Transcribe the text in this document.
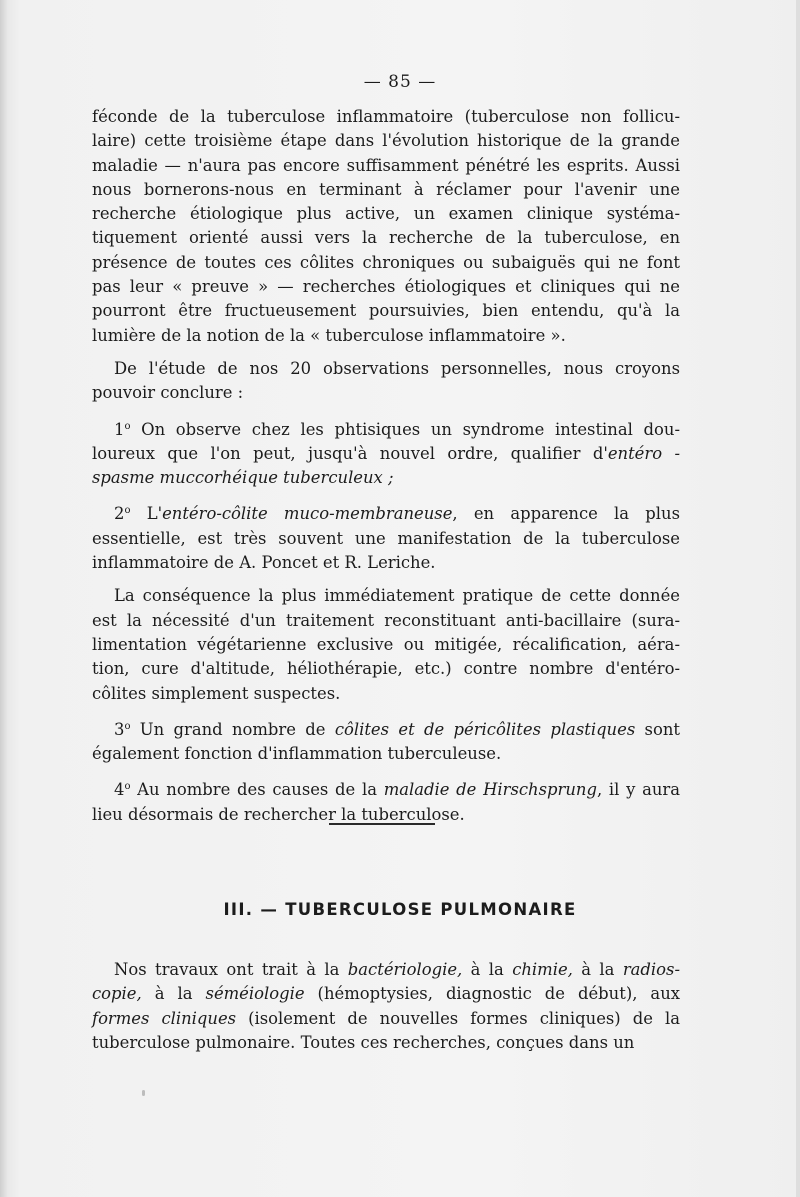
— 85 —

féconde de la tuberculose inflammatoire (tuberculose non follicu- laire) cette troisième étape dans l'évolution historique de la grande maladie — n'aura pas encore suffisamment pénétré les esprits. Aussi nous bornerons-nous en terminant à réclamer pour l'avenir une recherche étiologique plus active, un examen clinique systéma- tiquement orienté aussi vers la recherche de la tuberculose, en présence de toutes ces côlites chroniques ou subaiguës qui ne font pas leur « preuve » — recherches étiologiques et cliniques qui ne pourront être fructueusement poursuivies, bien entendu, qu'à la lumière de la notion de la « tuberculose inflammatoire ».

De l'étude de nos 20 observations personnelles, nous croyons pouvoir conclure :

1$^o$ On observe chez les phtisiques un syndrome intestinal dou- loureux que l'on peut, jusqu'à nouvel ordre, qualifier d'entéro - spasme muccorhéique tuberculeux ;

2$^o$ L'entéro-côlite muco-membraneuse, en apparence la plus essentielle, est très souvent une manifestation de la tuberculose inflammatoire de A. Poncet et R. Leriche.

La conséquence la plus immédiatement pratique de cette donnée est la nécessité d'un traitement reconstituant anti-bacillaire (sura- limentation végétarienne exclusive ou mitigée, récalification, aéra- tion, cure d'altitude, héliothérapie, etc.) contre nombre d'entéro- côlites simplement suspectes.

3$^o$ Un grand nombre de côlites et de péricôlites plastiques sont également fonction d'inflammation tuberculeuse.

4$^o$ Au nombre des causes de la maladie de Hirschsprung, il y aura lieu désormais de rechercher la tuberculose.

III. — TUBERCULOSE PULMONAIRE

Nos travaux ont trait à la bactériologie, à la chimie, à la radios- copie, à la séméiologie (hémoptysies, diagnostic de début), aux formes cliniques (isolement de nouvelles formes cliniques) de la tuberculose pulmonaire. Toutes ces recherches, conçues dans un
